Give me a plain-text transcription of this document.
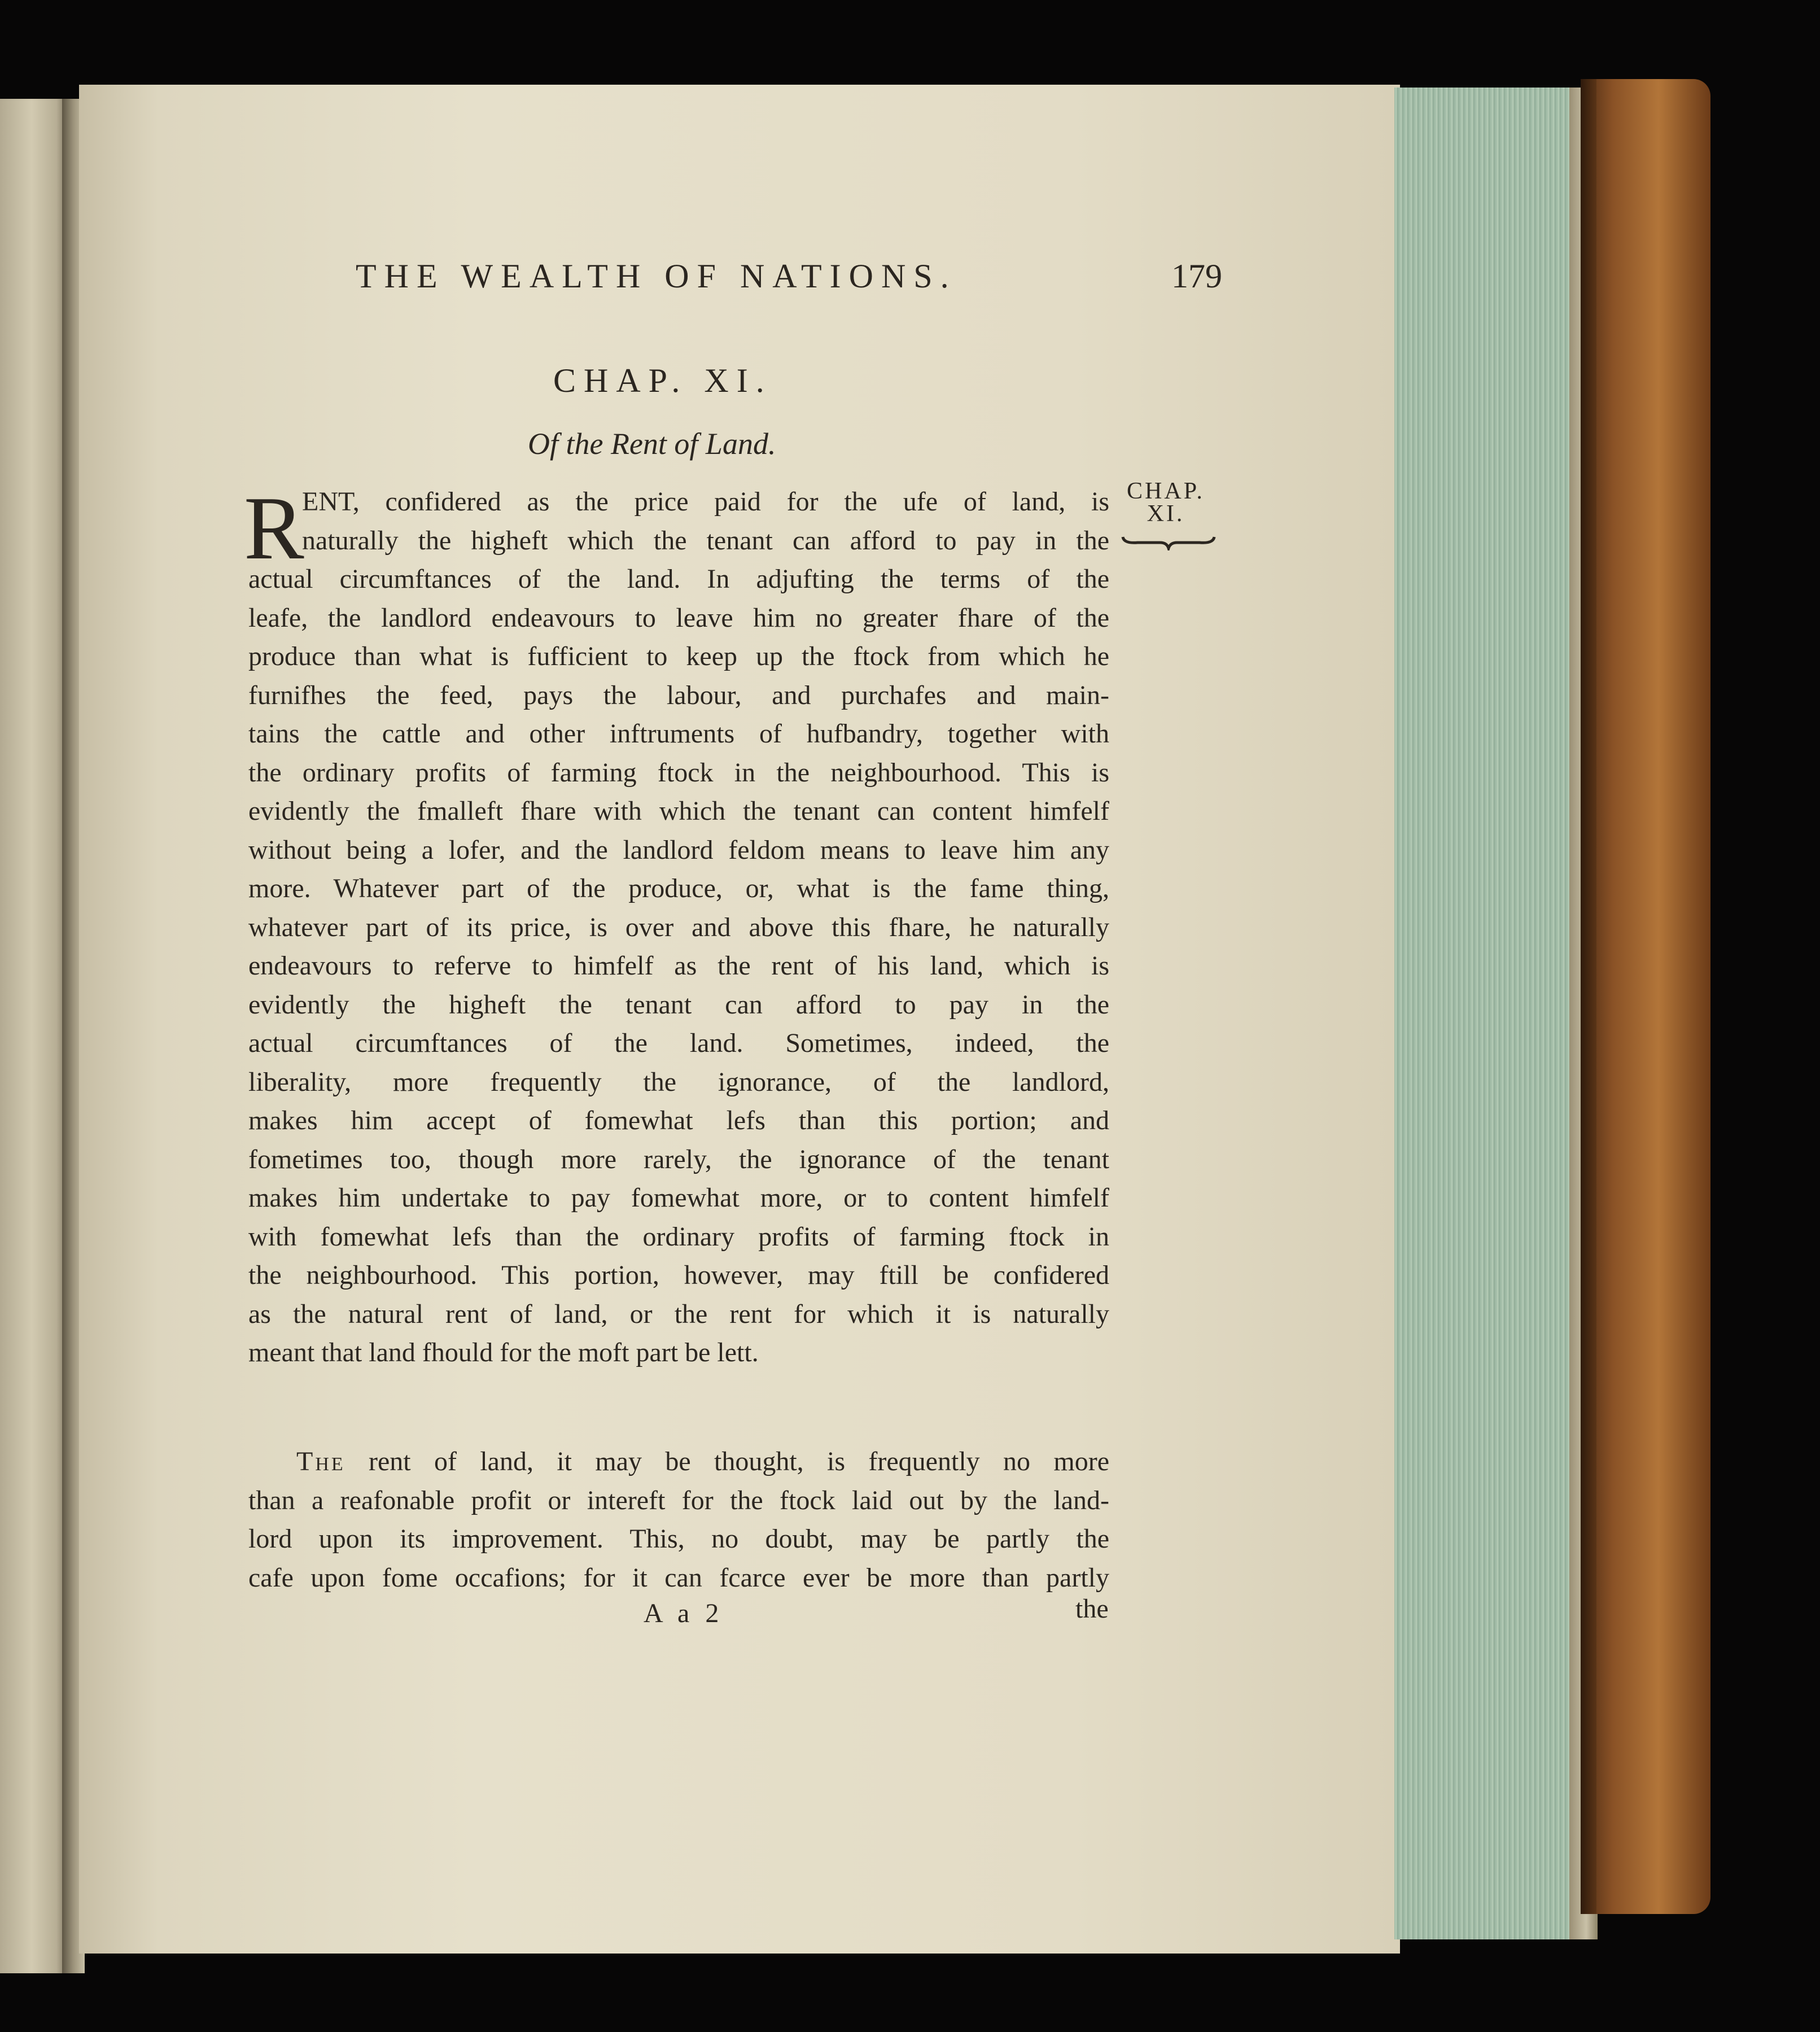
THE WEALTH OF NATIONS.	179
CHAP. XI.
Of the Rent of Land.
CHAP. XI.
R
ENT, confidered as the price paid for the ufe of land, is
naturally the higheft which the tenant can afford to pay in the
actual circumftances of the land. In adjufting the terms of the
leafe, the landlord endeavours to leave him no greater fhare of the
produce than what is fufficient to keep up the ftock from which he
furnifhes the feed, pays the labour, and purchafes and main-
tains the cattle and other inftruments of hufbandry, together with
the ordinary profits of farming ftock in the neighbourhood. This is
evidently the fmalleft fhare with which the tenant can content himfelf
without being a lofer, and the landlord feldom means to leave him any
more. Whatever part of the produce, or, what is the fame thing,
whatever part of its price, is over and above this fhare, he naturally
endeavours to referve to himfelf as the rent of his land, which is
evidently the higheft the tenant can afford to pay in the
actual circumftances of the land. Sometimes, indeed, the
liberality, more frequently the ignorance, of the landlord,
makes him accept of fomewhat lefs than this portion; and
fometimes too, though more rarely, the ignorance of the tenant
makes him undertake to pay fomewhat more, or to content himfelf
with fomewhat lefs than the ordinary profits of farming ftock in
the neighbourhood. This portion, however, may ftill be confidered
as the natural rent of land, or the rent for which it is naturally
meant that land fhould for the moft part be lett.
The rent of land, it may be thought, is frequently no more
than a reafonable profit or intereft for the ftock laid out by the land-
lord upon its improvement. This, no doubt, may be partly the
cafe upon fome occafions; for it can fcarce ever be more than partly
A a 2	the
